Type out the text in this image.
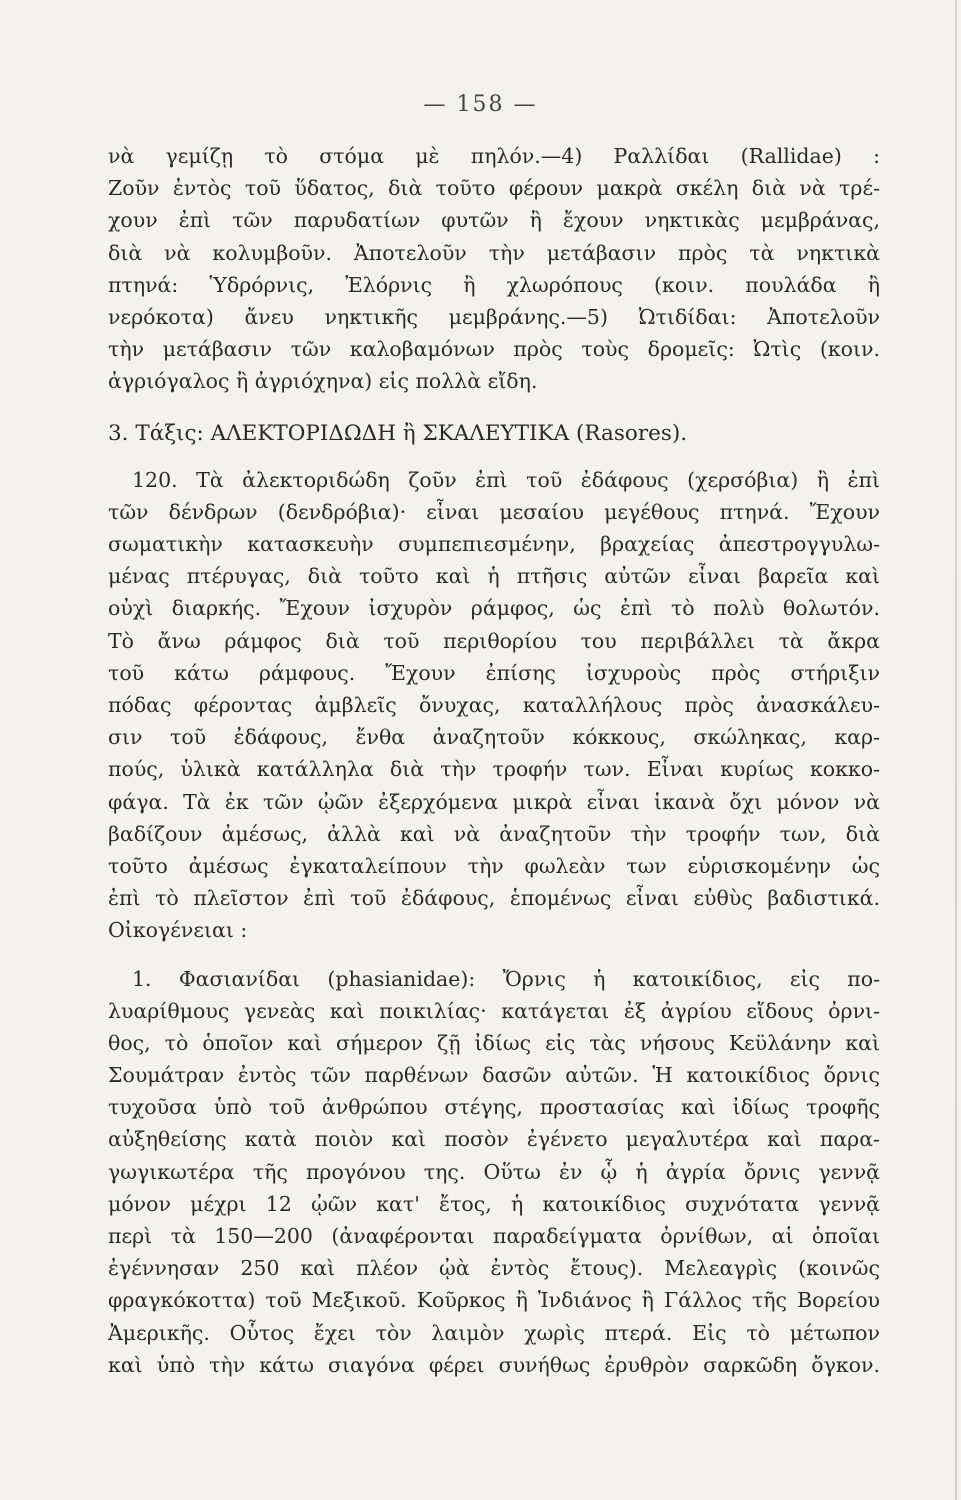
— 158 —
νὰ γεμίζῃ τὸ στόμα μὲ πηλόν.—4) Ραλλίδαι (Rallidae) :
Ζοῦν ἐντὸς τοῦ ὕδατος, διὰ τοῦτο φέρουν μακρὰ σκέλη διὰ νὰ τρέ-
χουν ἐπὶ τῶν παρυδατίων φυτῶν ἢ ἔχουν νηκτικὰς μεμβράνας,
διὰ νὰ κολυμβοῦν. Ἀποτελοῦν τὴν μετάβασιν πρὸς τὰ νηκτικὰ
πτηνά: Ὑδρόρνις, Ἐλόρνις ἢ χλωρόπους (κοιν. πουλάδα ἢ
νερόκοτα) ἄνευ νηκτικῆς μεμβράνης.—5) Ὠτιδίδαι: Ἀποτελοῦν
τὴν μετάβασιν τῶν καλοβαμόνων πρὸς τοὺς δρομεῖς: Ὠτὶς (κοιν.
ἀγριόγαλος ἢ ἀγριόχηνα) εἰς πολλὰ εἴδη.
3. Τάξις: ΑΛΕΚΤΟΡΙΔΩΔΗ ἢ ΣΚΑΛΕΥΤΙΚΑ (Rasores).
120. Τὰ ἀλεκτοριδώδη ζοῦν ἐπὶ τοῦ ἐδάφους (χερσόβια) ἢ ἐπὶ
τῶν δένδρων (δενδρόβια)· εἶναι μεσαίου μεγέθους πτηνά. Ἔχουν
σωματικὴν κατασκευὴν συμπεπιεσμένην, βραχείας ἀπεστρογγυλω-
μένας πτέρυγας, διὰ τοῦτο καὶ ἡ πτῆσις αὐτῶν εἶναι βαρεῖα καὶ
οὐχὶ διαρκής. Ἔχουν ἰσχυρὸν ράμφος, ὡς ἐπὶ τὸ πολὺ θολωτόν.
Τὸ ἄνω ράμφος διὰ τοῦ περιθορίου του περιβάλλει τὰ ἄκρα
τοῦ κάτω ράμφους. Ἔχουν ἐπίσης ἰσχυροὺς πρὸς στήριξιν
πόδας φέροντας ἀμβλεῖς ὄνυχας, καταλλήλους πρὸς ἀνασκάλευ-
σιν τοῦ ἐδάφους, ἔνθα ἀναζητοῦν κόκκους, σκώληκας, καρ-
πούς, ὑλικὰ κατάλληλα διὰ τὴν τροφήν των. Εἶναι κυρίως κοκκο-
φάγα. Τὰ ἐκ τῶν ᾠῶν ἐξερχόμενα μικρὰ εἶναι ἱκανὰ ὄχι μόνον νὰ
βαδίζουν ἀμέσως, ἀλλὰ καὶ νὰ ἀναζητοῦν τὴν τροφήν των, διὰ
τοῦτο ἀμέσως ἐγκαταλείπουν τὴν φωλεὰν των εὑρισκομένην ὡς
ἐπὶ τὸ πλεῖστον ἐπὶ τοῦ ἐδάφους, ἑπομένως εἶναι εὐθὺς βαδιστικά.
Οἰκογένειαι :
1. Φασιανίδαι (phasianidae): Ὄρνις ἡ κατοικίδιος, εἰς πο-
λυαρίθμους γενεὰς καὶ ποικιλίας· κατάγεται ἐξ ἀγρίου εἴδους ὀρνι-
θος, τὸ ὁποῖον καὶ σήμερον ζῇ ἰδίως εἰς τὰς νήσους Κεϋλάνην καὶ
Σουμάτραν ἐντὸς τῶν παρθένων δασῶν αὐτῶν. Ἡ κατοικίδιος ὄρνις
τυχοῦσα ὑπὸ τοῦ ἀνθρώπου στέγης, προστασίας καὶ ἰδίως τροφῆς
αὐξηθείσης κατὰ ποιὸν καὶ ποσὸν ἐγένετο μεγαλυτέρα καὶ παρα-
γωγικωτέρα τῆς προγόνου της. Οὕτω ἐν ᾧ ἡ ἀγρία ὄρνις γεννᾷ
μόνον μέχρι 12 ᾠῶν κατ' ἔτος, ἡ κατοικίδιος συχνότατα γεννᾷ
περὶ τὰ 150—200 (ἀναφέρονται παραδείγματα ὀρνίθων, αἱ ὁποῖαι
ἐγέννησαν 250 καὶ πλέον ᾠὰ ἐντὸς ἔτους). Μελεαγρὶς (κοινῶς
φραγκόκοττα) τοῦ Μεξικοῦ. Κοῦρκος ἢ Ἰνδιάνος ἢ Γάλλος τῆς Βορείου
Ἀμερικῆς. Οὗτος ἔχει τὸν λαιμὸν χωρὶς πτερά. Εἰς τὸ μέτωπον
καὶ ὑπὸ τὴν κάτω σιαγόνα φέρει συνήθως ἐρυθρὸν σαρκῶδη ὄγκον.
